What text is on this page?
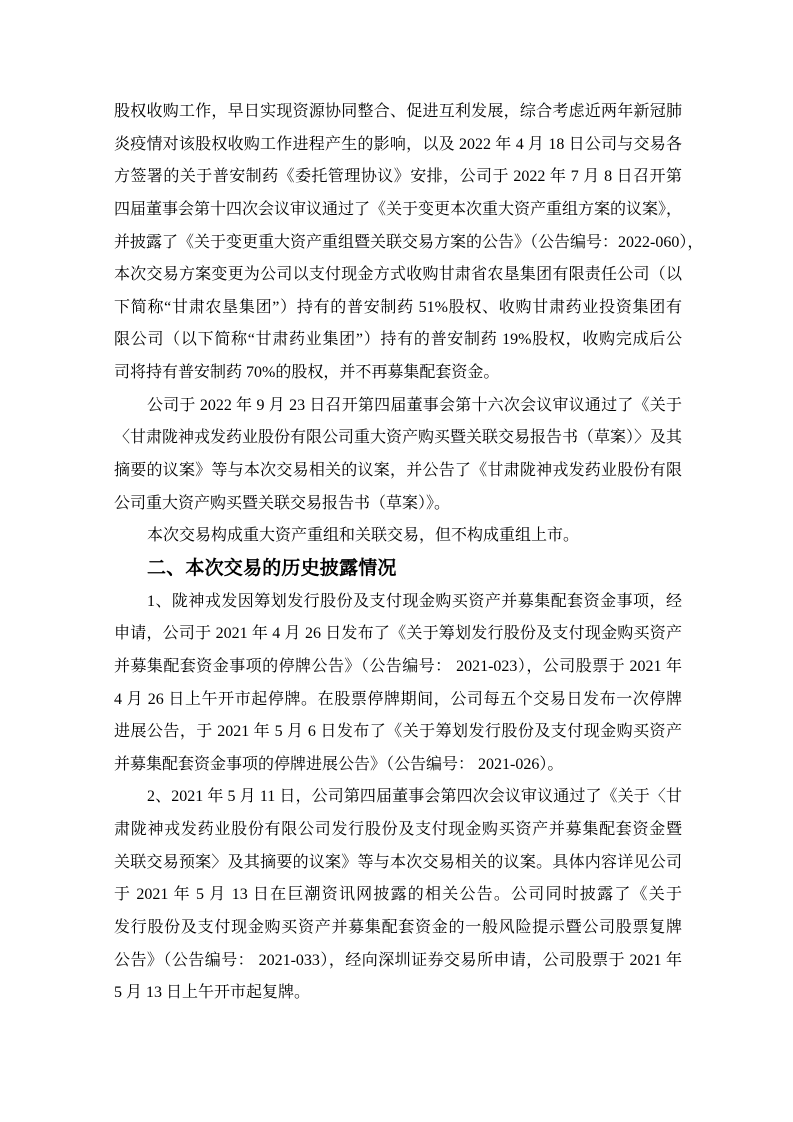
股权收购工作，早日实现资源协同整合、促进互利发展，综合考虑近两年新冠肺
炎疫情对该股权收购工作进程产生的影响，以及 2022 年 4 月 18 日公司与交易各
方签署的关于普安制药《委托管理协议》安排，公司于 2022 年 7 月 8 日召开第
四届董事会第十四次会议审议通过了《关于变更本次重大资产重组方案的议案》，
并披露了《关于变更重大资产重组暨关联交易方案的公告》（公告编号：2022-060），
本次交易方案变更为公司以支付现金方式收购甘肃省农垦集团有限责任公司（以
下简称“甘肃农垦集团”）持有的普安制药 51%股权、收购甘肃药业投资集团有
限公司（以下简称“甘肃药业集团”）持有的普安制药 19%股权，收购完成后公
司将持有普安制药 70%的股权，并不再募集配套资金。
公司于 2022 年 9 月 23 日召开第四届董事会第十六次会议审议通过了《关于
〈甘肃陇神戎发药业股份有限公司重大资产购买暨关联交易报告书（草案）〉及其
摘要的议案》等与本次交易相关的议案，并公告了《甘肃陇神戎发药业股份有限
公司重大资产购买暨关联交易报告书（草案）》。
本次交易构成重大资产重组和关联交易，但不构成重组上市。
二、本次交易的历史披露情况
1、陇神戎发因筹划发行股份及支付现金购买资产并募集配套资金事项，经
申请，公司于 2021 年 4 月 26 日发布了《关于筹划发行股份及支付现金购买资产
并募集配套资金事项的停牌公告》（公告编号： 2021-023），公司股票于 2021 年
4 月 26 日上午开市起停牌。在股票停牌期间，公司每五个交易日发布一次停牌
进展公告，于 2021 年 5 月 6 日发布了《关于筹划发行股份及支付现金购买资产
并募集配套资金事项的停牌进展公告》（公告编号： 2021-026）。
2、2021 年 5 月 11 日，公司第四届董事会第四次会议审议通过了《关于〈甘
肃陇神戎发药业股份有限公司发行股份及支付现金购买资产并募集配套资金暨
关联交易预案〉及其摘要的议案》等与本次交易相关的议案。具体内容详见公司
于 2021 年 5 月 13 日在巨潮资讯网披露的相关公告。公司同时披露了《关于
发行股份及支付现金购买资产并募集配套资金的一般风险提示暨公司股票复牌
公告》（公告编号： 2021-033），经向深圳证券交易所申请，公司股票于 2021 年
5 月 13 日上午开市起复牌。
